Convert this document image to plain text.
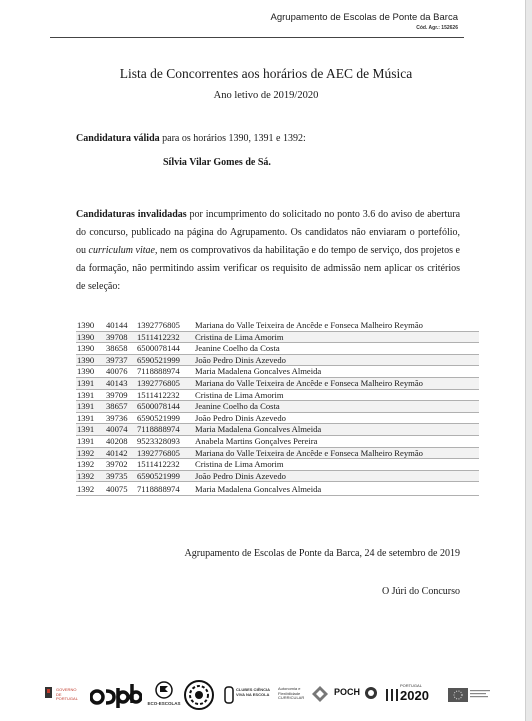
Agrupamento de Escolas de Ponte da Barca
Cód. Agr.: 152626
Lista de Concorrentes aos horários de AEC de Música
Ano letivo de 2019/2020
Candidatura válida para os horários 1390, 1391 e 1392:
Sílvia Vilar Gomes de Sá.
Candidaturas invalidadas por incumprimento do solicitado no ponto 3.6 do aviso de abertura do concurso, publicado na página do Agrupamento. Os candidatos não enviaram o portefólio, ou curriculum vitae, nem os comprovativos da habilitação e do tempo de serviço, dos projetos e da formação, não permitindo assim verificar os requisito de admissão nem aplicar os critérios de seleção:
1390	40144	1392776805	Mariana do Valle Teixeira de Ancêde e Fonseca Malheiro Reymão
1390	39708	1511412232	Cristina de Lima Amorim
1390	38658	6500078144	Jeanine Coelho da Costa
1390	39737	6590521999	João Pedro Dinis Azevedo
1390	40076	7118888974	Maria Madalena Goncalves Almeida
1391	40143	1392776805	Mariana do Valle Teixeira de Ancêde e Fonseca Malheiro Reymão
1391	39709	1511412232	Cristina de Lima Amorim
1391	38657	6500078144	Jeanine Coelho da Costa
1391	39736	6590521999	João Pedro Dinis Azevedo
1391	40074	7118888974	Maria Madalena Goncalves Almeida
1391	40208	9523328093	Anabela Martins Gonçalves Pereira
1392	40142	1392776805	Mariana do Valle Teixeira de Ancêde e Fonseca Malheiro Reymão
1392	39702	1511412232	Cristina de Lima Amorim
1392	39735	6590521999	João Pedro Dinis Azevedo
1392	40075	7118888974	Maria Madalena Goncalves Almeida
Agrupamento de Escolas de Ponte da Barca, 24 de setembro de 2019
O Júri do Concurso
GOVERNO DE PORTUGAL
ECO-ESCOLAS
CLUBES CIÊNCIA VIVA NA ESCOLA
Autonomia e Flexibilidade CURRICULAR
POCH
PORTUGAL
2020
